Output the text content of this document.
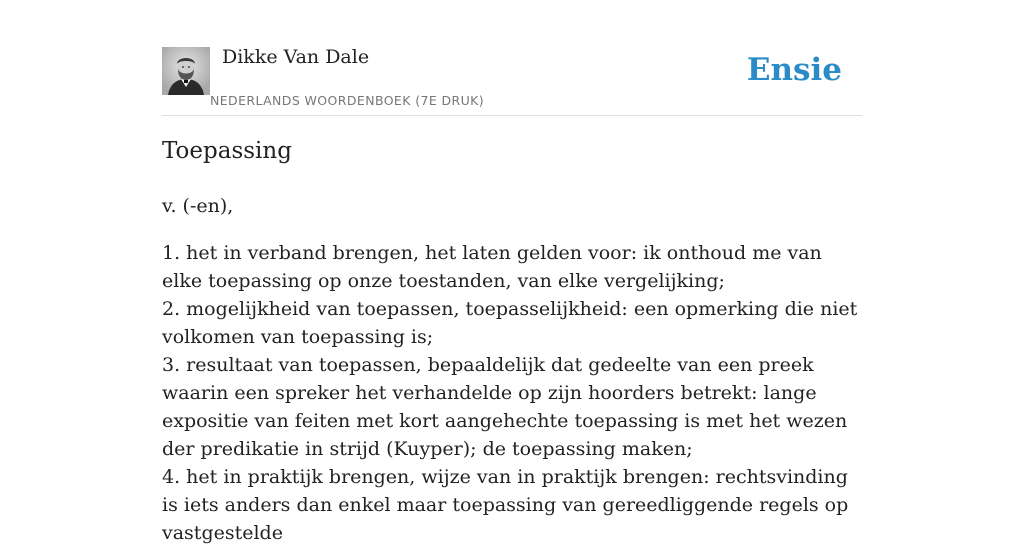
Dikke Van Dale
NEDERLANDS WOORDENBOEK (7E DRUK)
Ensie
Toepassing

v. (-en),

1. het in verband brengen, het laten gelden voor: ik onthoud me van elke toepassing op onze toestanden, van elke vergelijking;

2. mogelijkheid van toepassen, toepasselijkheid: een opmerking die niet volkomen van toepassing is;

3. resultaat van toepassen, bepaaldelijk dat gedeelte van een preek waarin een spreker het verhandelde op zijn hoorders betrekt: lange expositie van feiten met kort aangehechte toepassing is met het wezen der predikatie in strijd (Kuyper); de toepassing maken;

4. het in praktijk brengen, wijze van in praktijk brengen: rechtsvinding is iets anders dan enkel maar toepassing van gereedliggende regels op vastgestelde
